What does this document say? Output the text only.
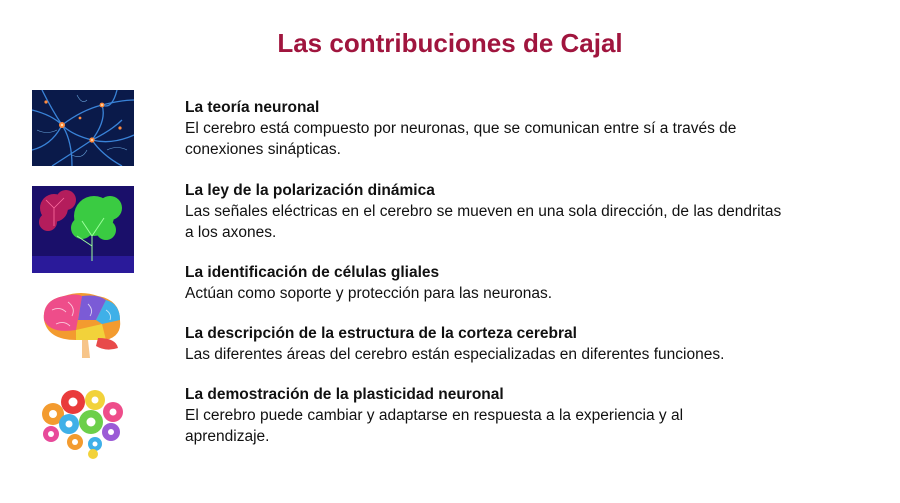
Las contribuciones de Cajal
La teoría neuronal
El cerebro está compuesto por neuronas, que se comunican entre sí a través de conexiones sinápticas.
La ley de la polarización dinámica
Las señales eléctricas en el cerebro se mueven en una sola dirección, de las dendritas a los axones.
La identificación de células gliales
Actúan como soporte y protección para las neuronas.
La descripción de la estructura de la corteza cerebral
Las diferentes áreas del cerebro están especializadas en diferentes funciones.
La demostración de la plasticidad neuronal
El cerebro puede cambiar y adaptarse en respuesta a la experiencia y al aprendizaje.
